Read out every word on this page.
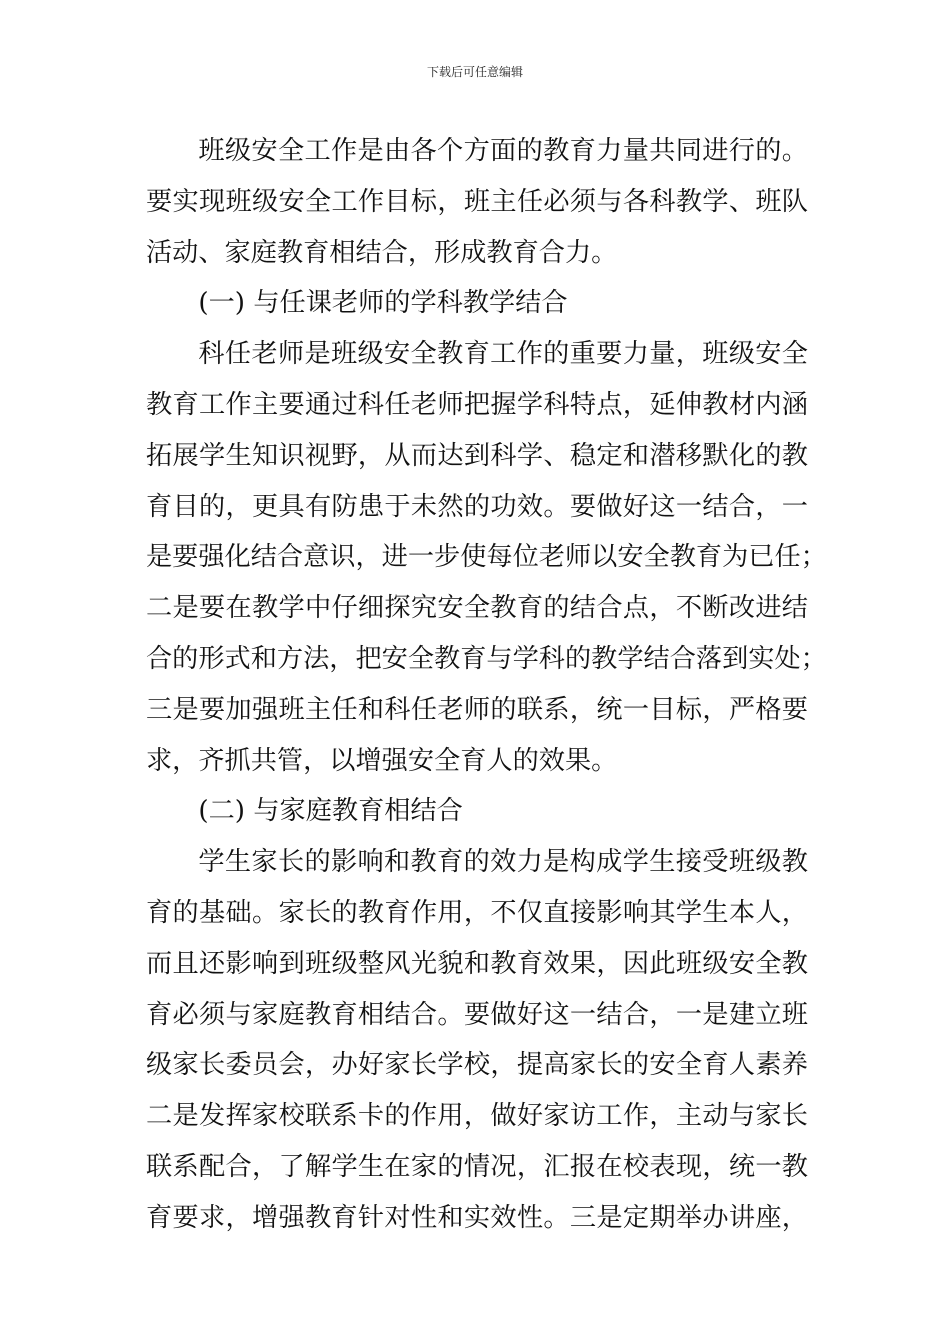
下载后可任意编辑
班级安全工作是由各个方面的教育力量共同进行的。
要实现班级安全工作目标，班主任必须与各科教学、班队
活动、家庭教育相结合，形成教育合力。
(一) 与任课老师的学科教学结合
科任老师是班级安全教育工作的重要力量，班级安全
教育工作主要通过科任老师把握学科特点，延伸教材内涵
拓展学生知识视野，从而达到科学、稳定和潜移默化的教
育目的，更具有防患于未然的功效。要做好这一结合，一
是要强化结合意识，进一步使每位老师以安全教育为已任；
二是要在教学中仔细探究安全教育的结合点，不断改进结
合的形式和方法，把安全教育与学科的教学结合落到实处；
三是要加强班主任和科任老师的联系，统一目标，严格要
求，齐抓共管，以增强安全育人的效果。
(二) 与家庭教育相结合
学生家长的影响和教育的效力是构成学生接受班级教
育的基础。家长的教育作用，不仅直接影响其学生本人，
而且还影响到班级整风光貌和教育效果，因此班级安全教
育必须与家庭教育相结合。要做好这一结合，一是建立班
级家长委员会，办好家长学校，提高家长的安全育人素养
二是发挥家校联系卡的作用，做好家访工作，主动与家长
联系配合，了解学生在家的情况，汇报在校表现，统一教
育要求，增强教育针对性和实效性。三是定期举办讲座，
